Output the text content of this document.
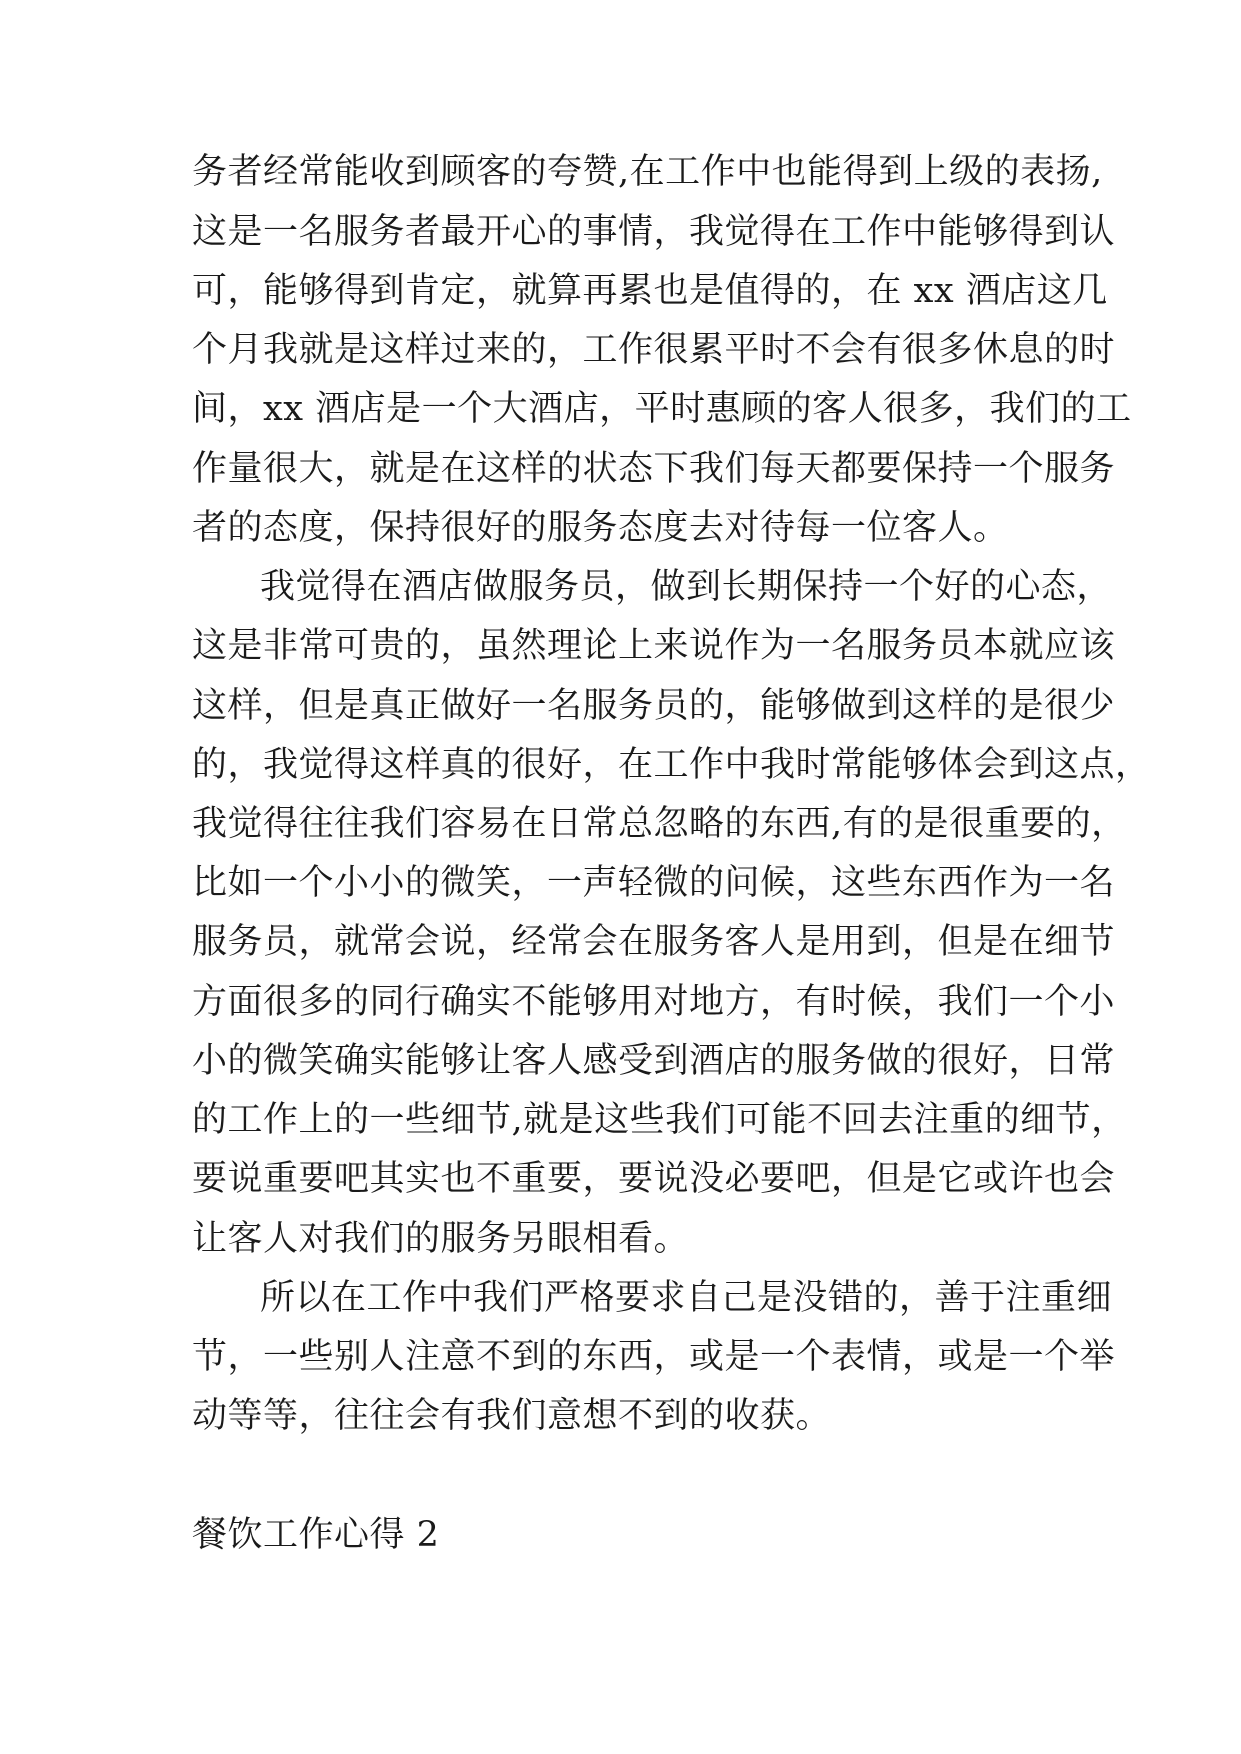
务者经常能收到顾客的夸赞,在工作中也能得到上级的表扬,
这是一名服务者最开心的事情，我觉得在工作中能够得到认
可，能够得到肯定，就算再累也是值得的，在 xx 酒店这几
个月我就是这样过来的，工作很累平时不会有很多休息的时
间，xx 酒店是一个大酒店，平时惠顾的客人很多，我们的工
作量很大，就是在这样的状态下我们每天都要保持一个服务
者的态度，保持很好的服务态度去对待每一位客人。
我觉得在酒店做服务员，做到长期保持一个好的心态，
这是非常可贵的，虽然理论上来说作为一名服务员本就应该
这样，但是真正做好一名服务员的，能够做到这样的是很少
的，我觉得这样真的很好，在工作中我时常能够体会到这点，
我觉得往往我们容易在日常总忽略的东西,有的是很重要的，
比如一个小小的微笑，一声轻微的问候，这些东西作为一名
服务员，就常会说，经常会在服务客人是用到，但是在细节
方面很多的同行确实不能够用对地方，有时候，我们一个小
小的微笑确实能够让客人感受到酒店的服务做的很好，日常
的工作上的一些细节,就是这些我们可能不回去注重的细节，
要说重要吧其实也不重要，要说没必要吧，但是它或许也会
让客人对我们的服务另眼相看。
所以在工作中我们严格要求自己是没错的，善于注重细
节，一些别人注意不到的东西，或是一个表情，或是一个举
动等等，往往会有我们意想不到的收获。
餐饮工作心得 2
